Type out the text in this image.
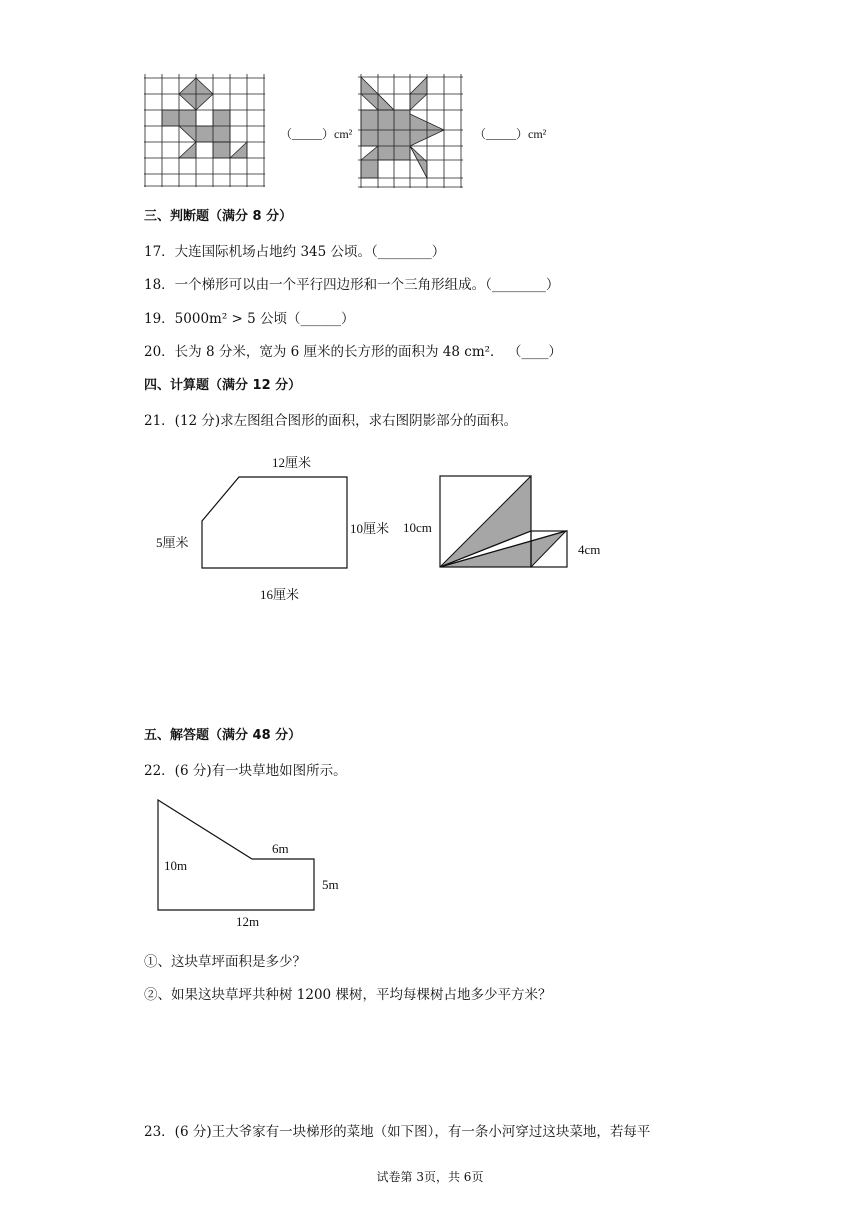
（_____）cm²	（_____）cm²
三、判断题（满分 8 分）
17．大连国际机场占地约 345 公顷。（________）
18．一个梯形可以由一个平行四边形和一个三角形组成。（________）
19．5000m² > 5 公顷（______）
20．长为 8 分米，宽为 6 厘米的长方形的面积为 48 cm²． （____）
四、计算题（满分 12 分）
21．(12 分)求左图组合图形的面积，求右图阴影部分的面积。
12厘米
5厘米
10厘米
16厘米
10cm
4cm
五、解答题（满分 48 分）
22．(6 分)有一块草地如图所示。
10m
6m
5m
12m
①、这块草坪面积是多少？
②、如果这块草坪共种树 1200 棵树，平均每棵树占地多少平方米？
23．(6 分)王大爷家有一块梯形的菜地（如下图），有一条小河穿过这块菜地，若每平
试卷第 3页，共 6页
